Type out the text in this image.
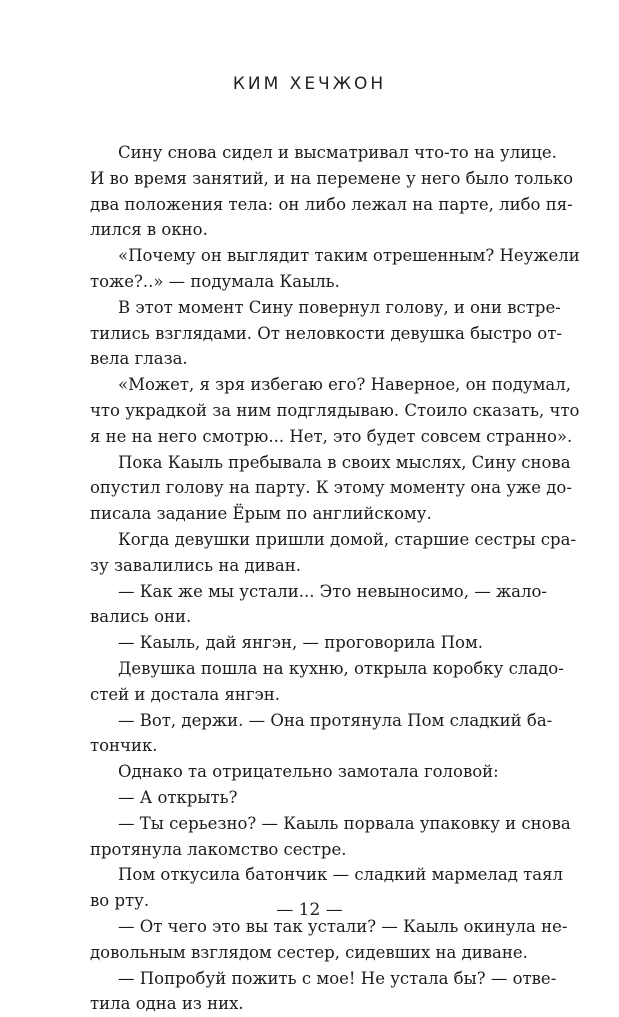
КИМ ХЕЧЖОН
Сину снова сидел и высматривал что-то на улице.
И во время занятий, и на перемене у него было только
два положения тела: он либо лежал на парте, либо пя-
лился в окно.
«Почему он выглядит таким отрешенным? Неужели
тоже?..» — подумала Каыль.
В этот момент Сину повернул голову, и они встре-
тились взглядами. От неловкости девушка быстро от-
вела глаза.
«Может, я зря избегаю его? Наверное, он подумал,
что украдкой за ним подглядываю. Стоило сказать, что
я не на него смотрю... Нет, это будет совсем странно».
Пока Каыль пребывала в своих мыслях, Сину снова
опустил голову на парту. К этому моменту она уже до-
писала задание Ёрым по английскому.
Когда девушки пришли домой, старшие сестры сра-
зу завалились на диван.
— Как же мы устали... Это невыносимо, — жало-
вались они.
— Каыль, дай янгэн, — проговорила Пом.
Девушка пошла на кухню, открыла коробку сладо-
стей и достала янгэн.
— Вот, держи. — Она протянула Пом сладкий ба-
тончик.
Однако та отрицательно замотала головой:
— А открыть?
— Ты серьезно? — Каыль порвала упаковку и снова
протянула лакомство сестре.
Пом откусила батончик — сладкий мармелад таял
во рту.
— От чего это вы так устали? — Каыль окинула не-
довольным взглядом сестер, сидевших на диване.
— Попробуй пожить с мое! Не устала бы? — отве-
тила одна из них.
— 12 —
